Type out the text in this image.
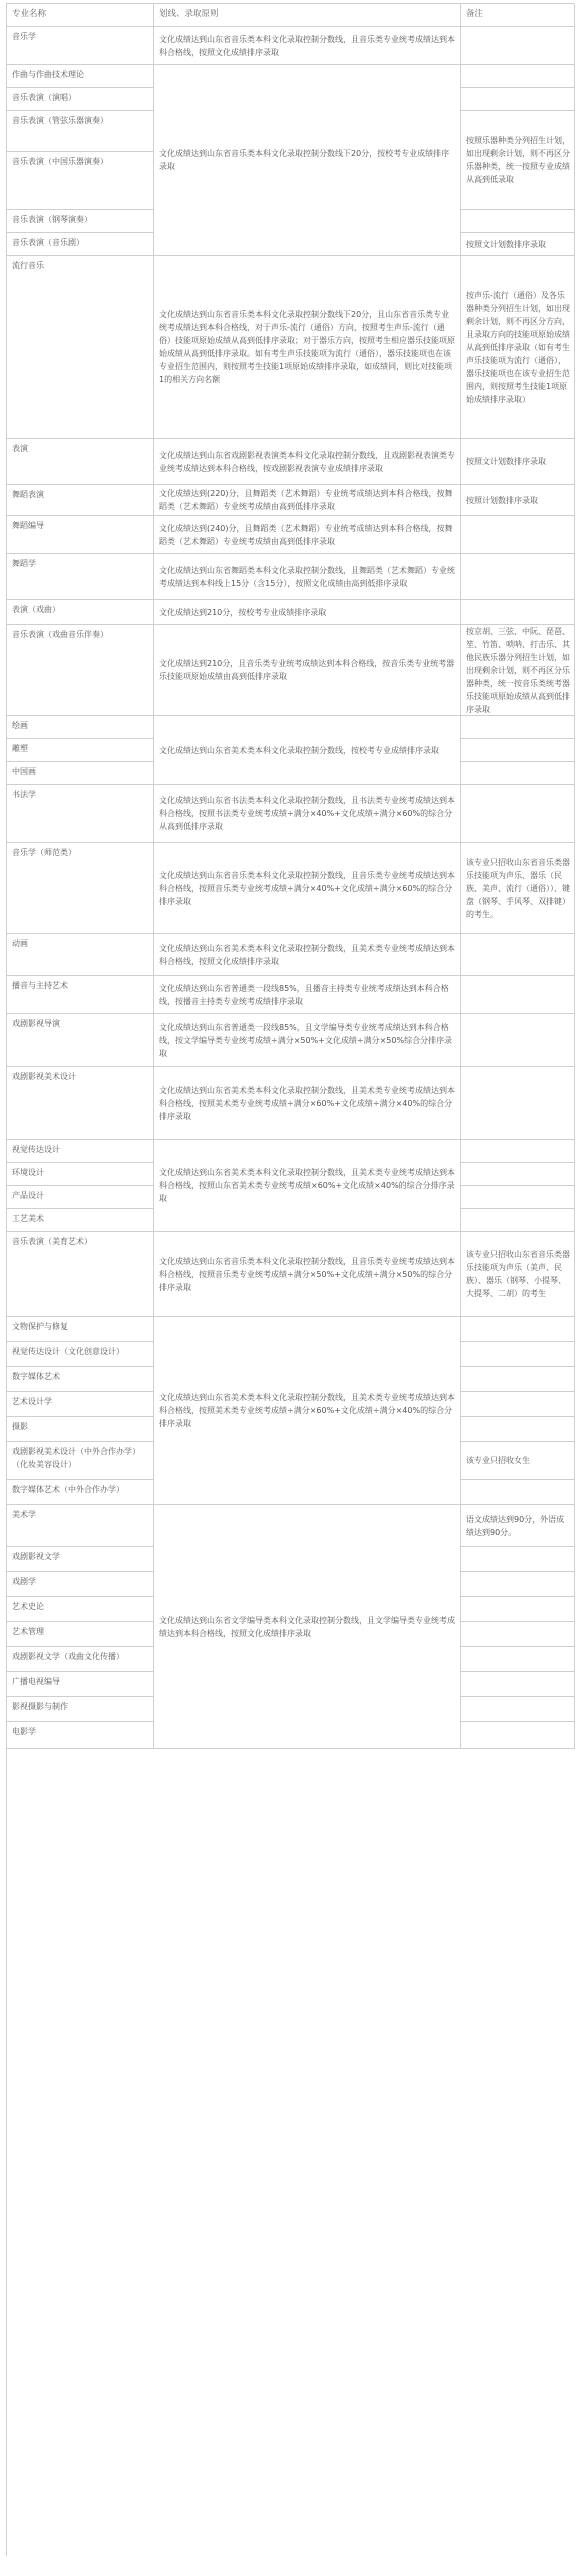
专业名称	划线、录取原则	备注
音乐学
作曲与作曲技术理论
音乐表演（演唱）
音乐表演（管弦乐器演奏）
音乐表演（中国乐器演奏）
音乐表演（钢琴演奏）
音乐表演（音乐剧）
流行音乐
表演
舞蹈表演
舞蹈编导
舞蹈学
表演（戏曲）
音乐表演（戏曲音乐伴奏）
绘画
雕塑
中国画
书法学
音乐学（师范类）
动画
播音与主持艺术
戏剧影视导演
戏剧影视美术设计
视觉传达设计
环境设计
产品设计
工艺美术
音乐表演（美育艺术）
文物保护与修复
视觉传达设计（文化创意设计）
数字媒体艺术
艺术设计学
摄影
戏剧影视美术设计（中外合作办学）（化妆美容设计）
数字媒体艺术（中外合作办学）
美术学
戏剧影视文学
戏剧学
艺术史论
艺术管理
戏剧影视文学（戏曲文化传播）
广播电视编导
影视摄影与制作
电影学
文化成绩达到山东省音乐类本科文化录取控制分数线，且音乐类专业统考成绩达到本科合格线，按照文化成绩排序录取
文化成绩达到山东省音乐类本科文化录取控制分数线下20分，按校考专业成绩排序录取
文化成绩达到山东省音乐类本科文化录取控制分数线下20分，且山东省音乐类专业统考成绩达到本科合格线，对于声乐-流行（通俗）方向，按照考生声乐-流行（通俗）技能项原始成绩从高到低排序录取；对于器乐方向，按照考生相应器乐技能项原始成绩从高到低排序录取。如有考生声乐技能项为流行（通俗），器乐技能项也在该专业招生范围内，则按照考生技能1项原始成绩排序录取，如成绩同，则比对技能项1的相关方向名额
文化成绩达到山东省戏剧影视表演类本科文化录取控制分数线，且戏剧影视表演类专业统考成绩达到本科合格线，按戏剧影视表演专业成绩排序录取
文化成绩达到(220)分，且舞蹈类（艺术舞蹈）专业统考成绩达到本科合格线，按舞蹈类（艺术舞蹈）专业统考成绩由高到低排序录取
文化成绩达到(240)分，且舞蹈类（艺术舞蹈）专业统考成绩达到本科合格线，按舞蹈类（艺术舞蹈）专业统考成绩由高到低排序录取
文化成绩达到山东省舞蹈类本科文化录取控制分数线，且舞蹈类（艺术舞蹈）专业统考成绩达到本科线上15分（含15分），按照文化成绩由高到低排序录取
文化成绩达到210分，按校考专业成绩排序录取
文化成绩达到210分，且音乐类专业统考成绩达到本科合格线，按音乐类专业统考器乐技能项原始成绩由高到低排序录取
文化成绩达到山东省美术类本科文化录取控制分数线，按校考专业成绩排序录取
文化成绩达到山东省书法类本科文化录取控制分数线，且书法类专业统考成绩达到本科合格线，按照书法类专业统考成绩÷满分×40%+文化成绩÷满分×60%的综合分从高到低排序录取
文化成绩达到山东省音乐类本科文化录取控制分数线，且音乐类专业统考成绩达到本科合格线，按照音乐类专业统考成绩÷满分×40%+文化成绩÷满分×60%的综合分排序录取
文化成绩达到山东省美术类本科文化录取控制分数线，且美术类专业统考成绩达到本科合格线，按照文化成绩排序录取
文化成绩达到山东省普通类一段线85%，且播音主持类专业统考成绩达到本科合格线，按播音主持类专业统考成绩排序录取
文化成绩达到山东省普通类一段线85%，且文学编导类专业统考成绩达到本科合格线，按文学编导类专业统考成绩÷满分×50%+文化成绩÷满分×50%综合分排序录取
文化成绩达到山东省美术类本科文化录取控制分数线，且美术类专业统考成绩达到本科合格线，按照美术类专业统考成绩÷满分×60%+文化成绩÷满分×40%的综合分排序录取
文化成绩达到山东省美术类本科文化录取控制分数线，且美术类专业统考成绩达到本科合格线，按照山东省美术类专业统考成绩×60%+文化成绩×40%的综合分排序录取
文化成绩达到山东省音乐类本科文化录取控制分数线，且音乐类专业统考成绩达到本科合格线，按照音乐类专业统考成绩÷满分×50%+文化成绩÷满分×50%的综合分排序录取
文化成绩达到山东省美术类本科文化录取控制分数线，且美术类专业统考成绩达到本科合格线，按照美术类专业统考成绩÷满分×60%+文化成绩÷满分×40%的综合分排序录取
文化成绩达到山东省文学编导类本科文化录取控制分数线，且文学编导类专业统考成绩达到本科合格线，按照文化成绩排序录取
按照乐器种类分列招生计划，如出现剩余计划，则不再区分乐器种类，统一按照专业成绩从高到低录取
按照文计划数排序录取
按声乐-流行（通俗）及各乐器种类分列招生计划，如出现剩余计划，则不再区分方向，且录取方向的技能项原始成绩从高到低排序录取（如有考生声乐技能项为流行（通俗），器乐技能项也在该专业招生范围内，则按照考生技能1项原始成绩排序录取）
按照文计划数排序录取
按照计划数排序录取
按京胡、三弦、中阮、琵琶、笙、竹笛、唢呐、打击乐、其他民族乐器分列招生计划，如出现剩余计划，则不再区分乐器种类，统一按音乐类统考器乐技能项原始成绩从高到低排序录取
该专业只招收山东省音乐类器乐技能项为声乐、器乐（民族、美声、流行（通俗））、键盘（钢琴、手风琴、双排键）的考生。
该专业只招收山东省音乐类器乐技能项为声乐（美声、民族）、器乐（钢琴、小提琴、大提琴、二胡）的考生
该专业只招收女生
语文成绩达到90分，外语成绩达到90分。
